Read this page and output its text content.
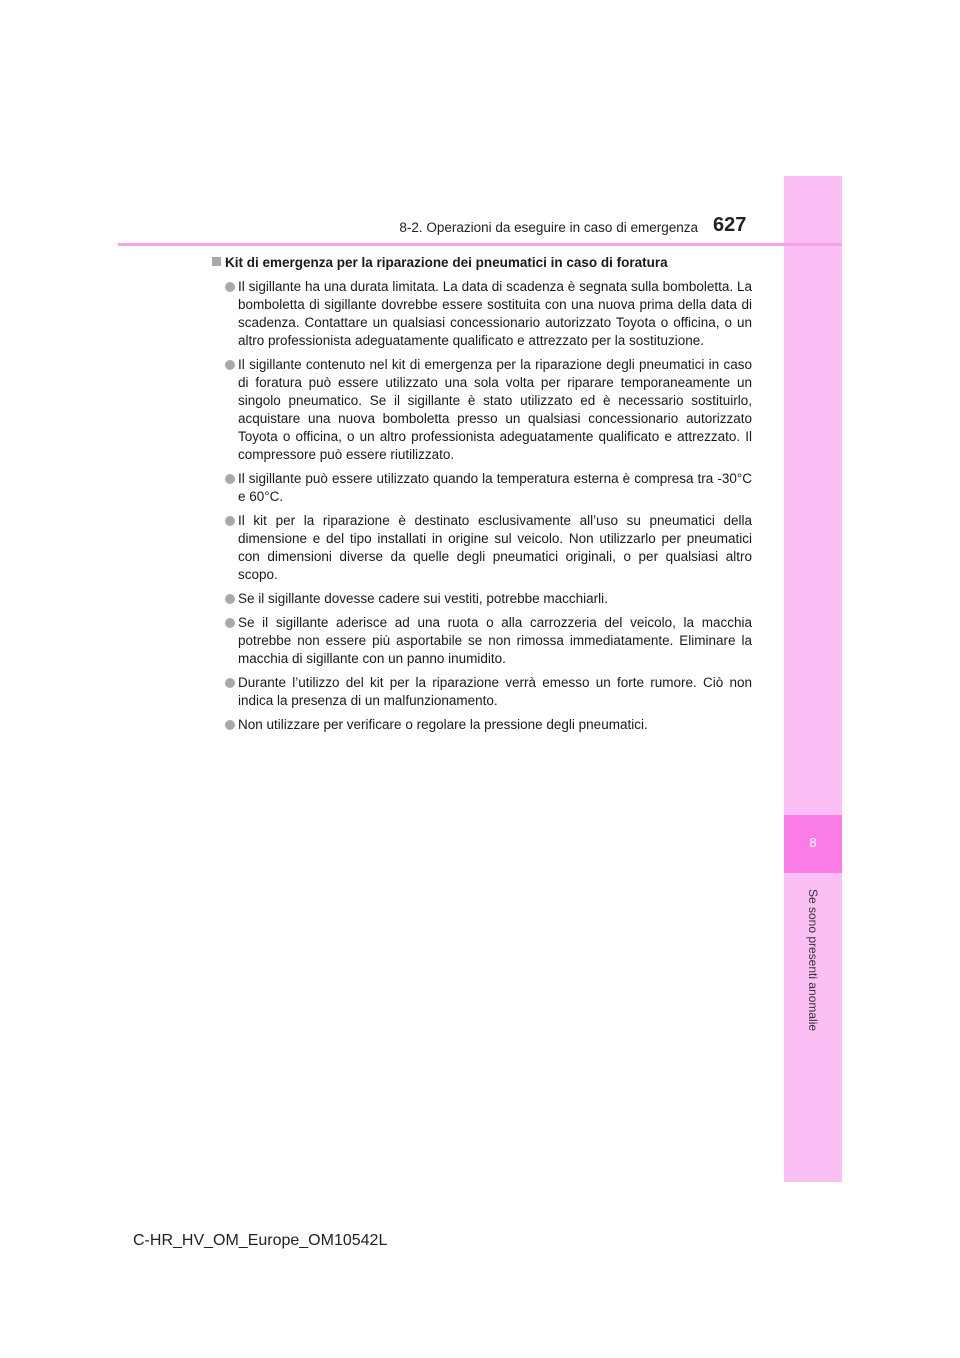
8
Se sono presenti anomalie
8-2. Operazioni da eseguire in caso di emergenza 627
Kit di emergenza per la riparazione dei pneumatici in caso di foratura
Il sigillante ha una durata limitata. La data di scadenza è segnata sulla bomboletta. La bomboletta di sigillante dovrebbe essere sostituita con una nuova prima della data di scadenza. Contattare un qualsiasi concessionario autorizzato Toyota o officina, o un altro professionista adeguatamente qualificato e attrezzato per la sostituzione.
Il sigillante contenuto nel kit di emergenza per la riparazione degli pneumatici in caso di foratura può essere utilizzato una sola volta per riparare temporaneamente un singolo pneumatico. Se il sigillante è stato utilizzato ed è necessario sostituirlo, acquistare una nuova bomboletta presso un qualsiasi concessionario autorizzato Toyota o officina, o un altro professionista adeguatamente qualificato e attrezzato. Il compressore può essere riutilizzato.
Il sigillante può essere utilizzato quando la temperatura esterna è compresa tra -30°C e 60°C.
Il kit per la riparazione è destinato esclusivamente all’uso su pneumatici della dimensione e del tipo installati in origine sul veicolo. Non utilizzarlo per pneumatici con dimensioni diverse da quelle degli pneumatici originali, o per qualsiasi altro scopo.
Se il sigillante dovesse cadere sui vestiti, potrebbe macchiarli.
Se il sigillante aderisce ad una ruota o alla carrozzeria del veicolo, la macchia potrebbe non essere più asportabile se non rimossa immediatamente. Eliminare la macchia di sigillante con un panno inumidito.
Durante l’utilizzo del kit per la riparazione verrà emesso un forte rumore. Ciò non indica la presenza di un malfunzionamento.
Non utilizzare per verificare o regolare la pressione degli pneumatici.
C-HR_HV_OM_Europe_OM10542L
